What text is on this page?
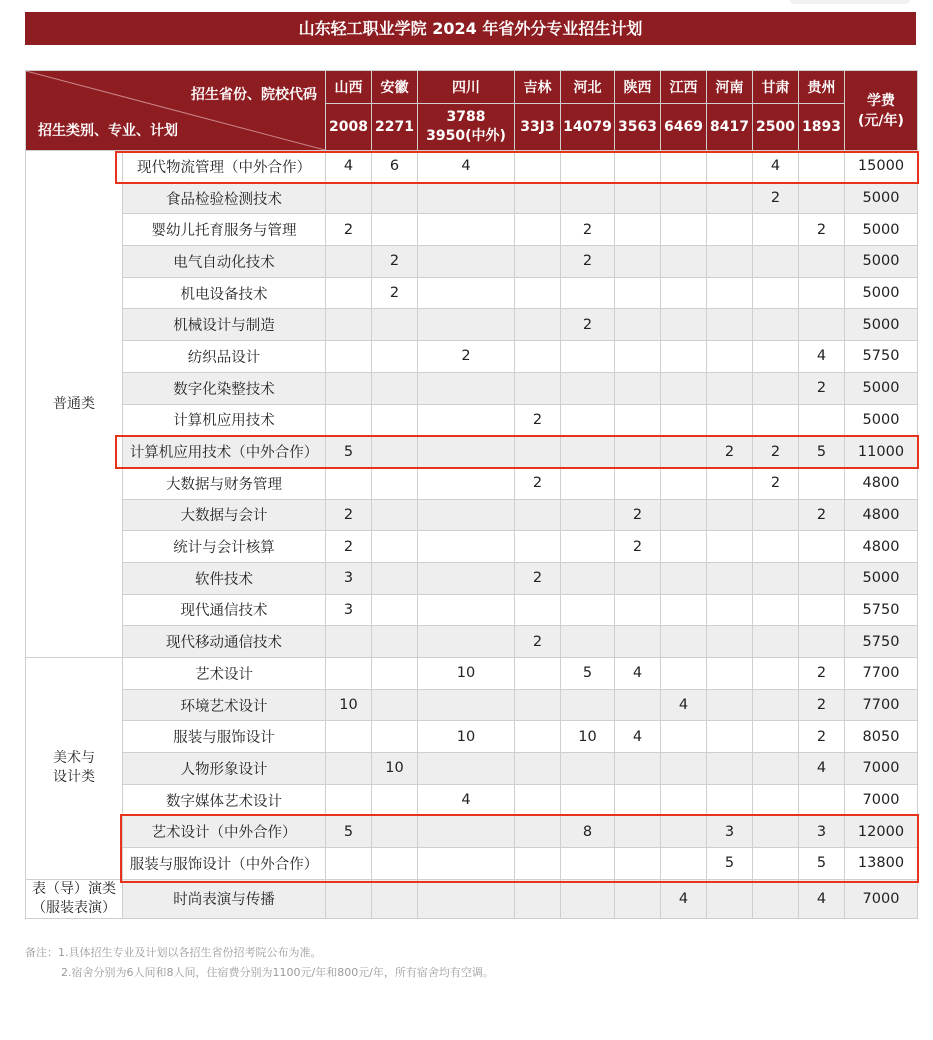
山东轻工职业学院 2024 年省外分专业招生计划
招生省份、院校代码
招生类别、专业、计划		山西	安徽	四川	吉林	河北	陕西	江西	河南	甘肃	贵州	学费
(元/年)
		2008	2271	3788
3950(中外)	33J3	14079	3563	6469	8417	2500	1893	
普通类	现代物流管理（中外合作）	4	6	4						4		15000
	食品检验检测技术									2		5000
	婴幼儿托育服务与管理	2				2					2	5000
	电气自动化技术		2			2						5000
	机电设备技术		2									5000
	机械设计与制造					2						5000
	纺织品设计			2							4	5750
	数字化染整技术										2	5000
	计算机应用技术				2							5000
	计算机应用技术（中外合作）	5							2	2	5	11000
	大数据与财务管理				2					2		4800
	大数据与会计	2					2				2	4800
	统计与会计核算	2					2					4800
	软件技术	3			2							5000
	现代通信技术	3										5750
	现代移动通信技术				2							5750
美术与
设计类	艺术设计			10		5	4				2	7700
	环境艺术设计	10						4			2	7700
	服装与服饰设计			10		10	4				2	8050
	人物形象设计		10								4	7000
	数字媒体艺术设计			4								7000
	艺术设计（中外合作）	5				8			3		3	12000
	服装与服饰设计（中外合作）								5		5	13800
表（导）演类
（服装表演）	时尚表演与传播							4			4	7000
备注：1.具体招生专业及计划以各招生省份招考院公布为准。
2.宿舍分别为6人间和8人间，住宿费分别为1100元/年和800元/年，所有宿舍均有空调。
